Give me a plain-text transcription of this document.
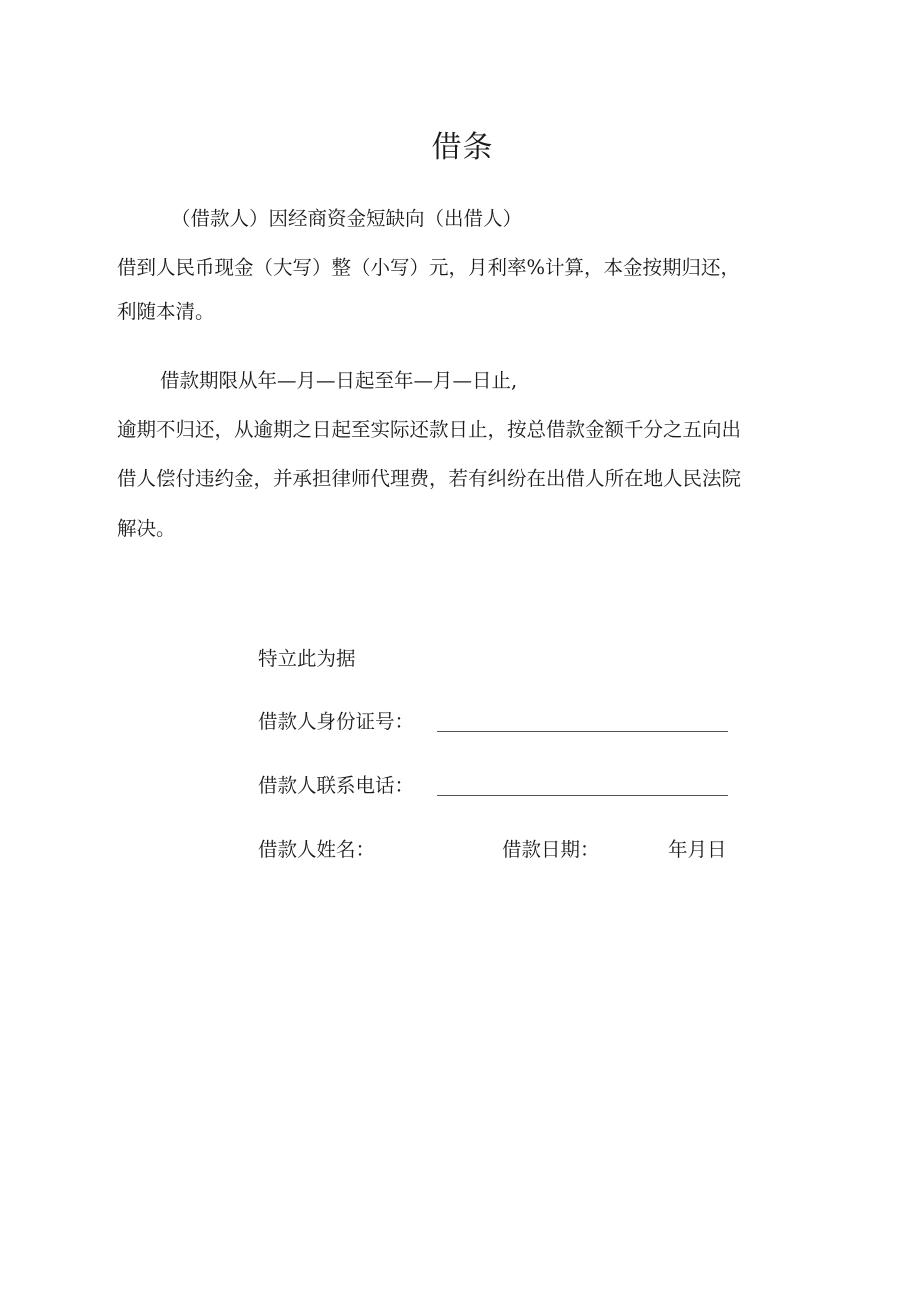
借条
（借款人）因经商资金短缺向（出借人）
借到人民币现金（大写）整（小写）元，月利率%计算，本金按期归还，
利随本清。
借款期限从年—月—日起至年—月—日止,
逾期不归还，从逾期之日起至实际还款日止，按总借款金额千分之五向出
借人偿付违约金，并承担律师代理费，若有纠纷在出借人所在地人民法院
解决。
特立此为据
借款人身份证号：
借款人联系电话：
借款人姓名：	借款日期：	年月日
